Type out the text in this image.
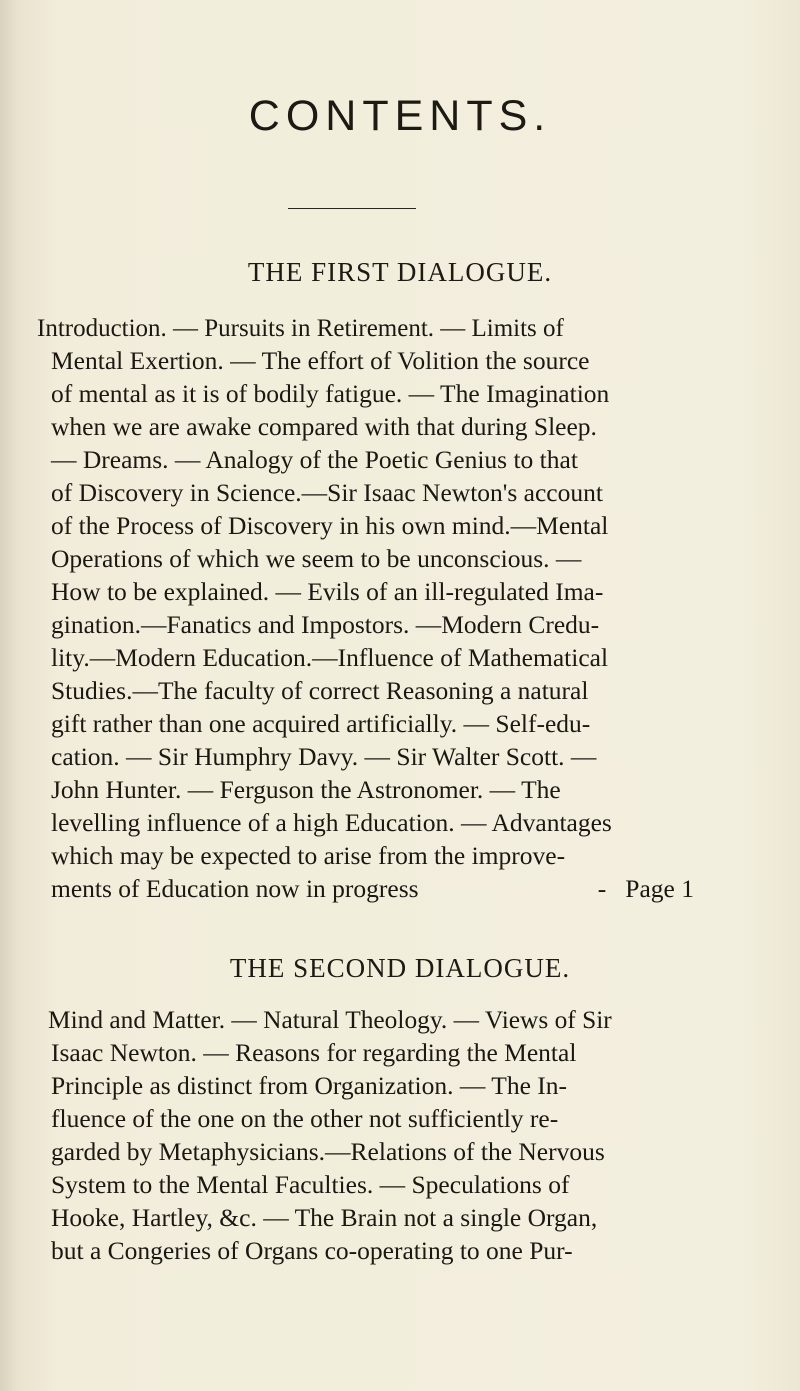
CONTENTS.
THE FIRST DIALOGUE.
Introduction. — Pursuits in Retirement. — Limits of
Mental Exertion. — The effort of Volition the source
of mental as it is of bodily fatigue. — The Imagination
when we are awake compared with that during Sleep.
— Dreams. — Analogy of the Poetic Genius to that
of Discovery in Science.—Sir Isaac Newton's account
of the Process of Discovery in his own mind.—Mental
Operations of which we seem to be unconscious. —
How to be explained. — Evils of an ill-regulated Ima-
gination.—Fanatics and Impostors. —Modern Credu-
lity.—Modern Education.—Influence of Mathematical
Studies.—The faculty of correct Reasoning a natural
gift rather than one acquired artificially. — Self-edu-
cation. — Sir Humphry Davy. — Sir Walter Scott. —
John Hunter. — Ferguson the Astronomer. — The
levelling influence of a high Education. — Advantages
which may be expected to arise from the improve-
ments of Education now in progress	-   Page 1
THE SECOND DIALOGUE.
Mind and Matter. — Natural Theology. — Views of Sir
Isaac Newton. — Reasons for regarding the Mental
Principle as distinct from Organization. — The In-
fluence of the one on the other not sufficiently re-
garded by Metaphysicians.—Relations of the Nervous
System to the Mental Faculties. — Speculations of
Hooke, Hartley, &c. — The Brain not a single Organ,
but a Congeries of Organs co-operating to one Pur-
